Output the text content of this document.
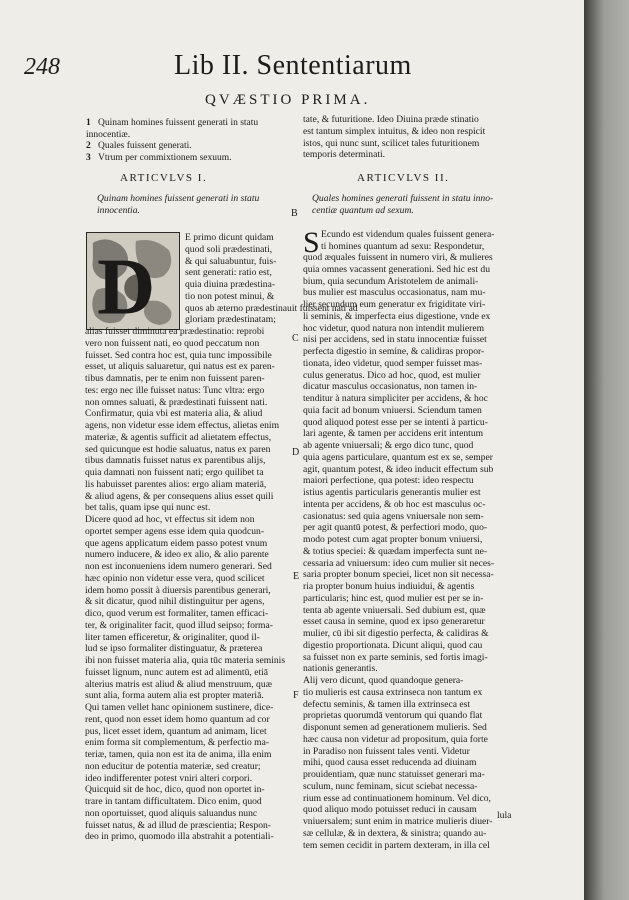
248	Lib II. Sententiarum
QVÆSTIO PRIMA.
1 Quinam homines fuissent generati in statu
innocentiæ.
2 Quales fuissent generati.
3 Vtrum per commixtionem sexuum.
tate, & futuritione. Ideo Diuina præde stinatio
est tantum simplex intuitus, & ideo non respicit
istos, qui nunc sunt, scilicet tales futuritionem
temporis determinati.
ARTICVLVS I.
Quinam homines fuissent generati in statu
innocentia.
ARTICVLVS II.
Quales homines generati fuissent in statu inno-
centiæ quantum ad sexum.
D
E primo dicunt quidam
quod soli prædestinati,
& qui saluabuntur, fuis-
sent generati: ratio est,
quia diuina prædestina-
tio non potest minui, &
quos ab æterno prædestinauit fuissent nati ad
gloriam prædestinatam;
alias fuisset diminuta ea prædestinatio: reprobi
vero non fuissent nati, eo quod peccatum non
fuisset. Sed contra hoc est, quia tunc impossibile
esset, ut aliquis saluaretur, qui natus est ex paren-
tibus damnatis, per te enim non fuissent paren-
tes: ergo nec ille fuisset natus: Tunc vltra: ergo
non omnes saluati, & prædestinati fuissent nati.
Confirmatur, quia vbi est materia alia, & aliud
agens, non videtur esse idem effectus, alietas enim
materiæ, & agentis sufficit ad alietatem effectus,
sed quicunque est hodie saluatus, natus ex paren
tibus damnatis fuisset natus ex parentibus alijs,
quia damnati non fuissent nati; ergo quilibet ta
lis habuisset parentes alios: ergo aliam materiā,
& aliud agens, & per consequens alius esset quili
bet talis, quam ipse qui nunc est.
Dicere quod ad hoc, vt effectus sit idem non
oportet semper agens esse idem quia quodcun-
que agens applicatum eidem passo potest vnum
numero inducere, & ideo ex alio, & alio parente
non est inconueniens idem numero generari. Sed
hæc opinio non videtur esse vera, quod scilicet
idem homo possit à diuersis parentibus generari,
& sit dicatur, quod nihil distinguitur per agens,
dico, quod verum est formaliter, tamen efficaci-
ter, & originaliter facit, quod illud seipso; forma-
liter tamen efficeretur, & originaliter, quod il-
lud se ipso formaliter distinguatur, & præterea
ibi non fuisset materia alia, quia tūc materia seminis
fuisset lignum, nunc autem est ad alimentū, etiā
alterius matris est aliud & aliud menstruum, quæ
sunt alia, forma autem alia est propter materiā.
Qui tamen vellet hanc opinionem sustinere, dice-
rent, quod non esset idem homo quantum ad cor
pus, licet esset idem, quantum ad animam, licet
enim forma sit complementum, & perfectio ma-
teriæ, tamen, quia non est ita de anima, illa enim
non educitur de potentia materiæ, sed creatur;
ideo indifferenter potest vniri alteri corpori.
Quicquid sit de hoc, dico, quod non oportet in-
trare in tantam difficultatem. Dico enim, quod
non oportuisset, quod aliquis saluandus nunc
fuisset natus, & ad illud de præscientia; Respon-
deo in primo, quomodo illa abstrahit a potentiali-
S Ecundo est videndum quales fuissent genera-
ti homines quantum ad sexu: Respondetur,
quod æquales fuissent in numero viri, & mulieres
quia omnes vacassent generationi. Sed hic est du
bium, quia secundum Aristotelem de animali-
bus mulier est masculus occasionatus, nam mu-
lier secundum eum generatur ex frigiditate viri-
li seminis, & imperfecta eius digestione, vnde ex
hoc videtur, quod natura non intendit mulierem
nisi per accidens, sed in statu innocentiæ fuisset
perfecta digestio in semine, & calidiras propor-
tionata, ideo videtur, quod semper fuisset mas-
culus generatus. Dico ad hoc, quod, est mulier
dicatur masculus occasionatus, non tamen in-
tenditur à natura simpliciter per accidens, & hoc
quia facit ad bonum vniuersi. Sciendum tamen
quod aliquod potest esse per se intenti à particu-
lari agente, & tamen per accidens erit intentum
ab agente vniuersali; & ergo dico tunc, quod
quia agens particulare, quantum est ex se, semper
agit, quantum potest, & ideo inducit effectum sub
maiori perfectione, qua potest: ideo respectu
istius agentis particularis generantis mulier est
intenta per accidens, & ob hoc est masculus oc-
casionatus: sed quia agens vniuersale non sem-
per agit quantū potest, & perfectiori modo, quo-
modo potest cum agat propter bonum vniuersi,
& totius speciei: & quædam imperfecta sunt ne-
cessaria ad vniuersum: ideo cum mulier sit neces-
saria propter bonum speciei, licet non sit necessa-
ria propter bonum huius indiuidui, & agentis
particularis; hinc est, quod mulier est per se in-
tenta ab agente vniuersali. Sed dubium est, quæ
esset causa in semine, quod ex ipso generaretur
mulier, cū ibi sit digestio perfecta, & calidiras &
digestio proportionata. Dicunt aliqui, quod cau
sa fuisset non ex parte seminis, sed fortis imagi-
nationis generantis.
Alij vero dicunt, quod quandoque genera-
tio mulieris est causa extrinseca non tantum ex
defectu seminis, & tamen illa extrinseca est
proprietas quorumdā ventorum qui quando flat
disponunt semen ad generationem mulieris. Sed
hæc causa non videtur ad propositum, quia forte
in Paradiso non fuissent tales venti. Videtur
mihi, quod causa esset reducenda ad diuinam
prouidentiam, quæ nunc statuisset generari ma-
sculum, nunc feminam, sicut sciebat necessa-
rium esse ad continuationem hominum. Vel dico,
quod aliquo modo potuisset reduci in causam
vniuersalem; sunt enim in matrice mulieris diuer-
sæ cellulæ, & in dextera, & sinistra; quando au-
tem semen cecidit in partem dexteram, in illa cel
lula
B
C
D
E
F
